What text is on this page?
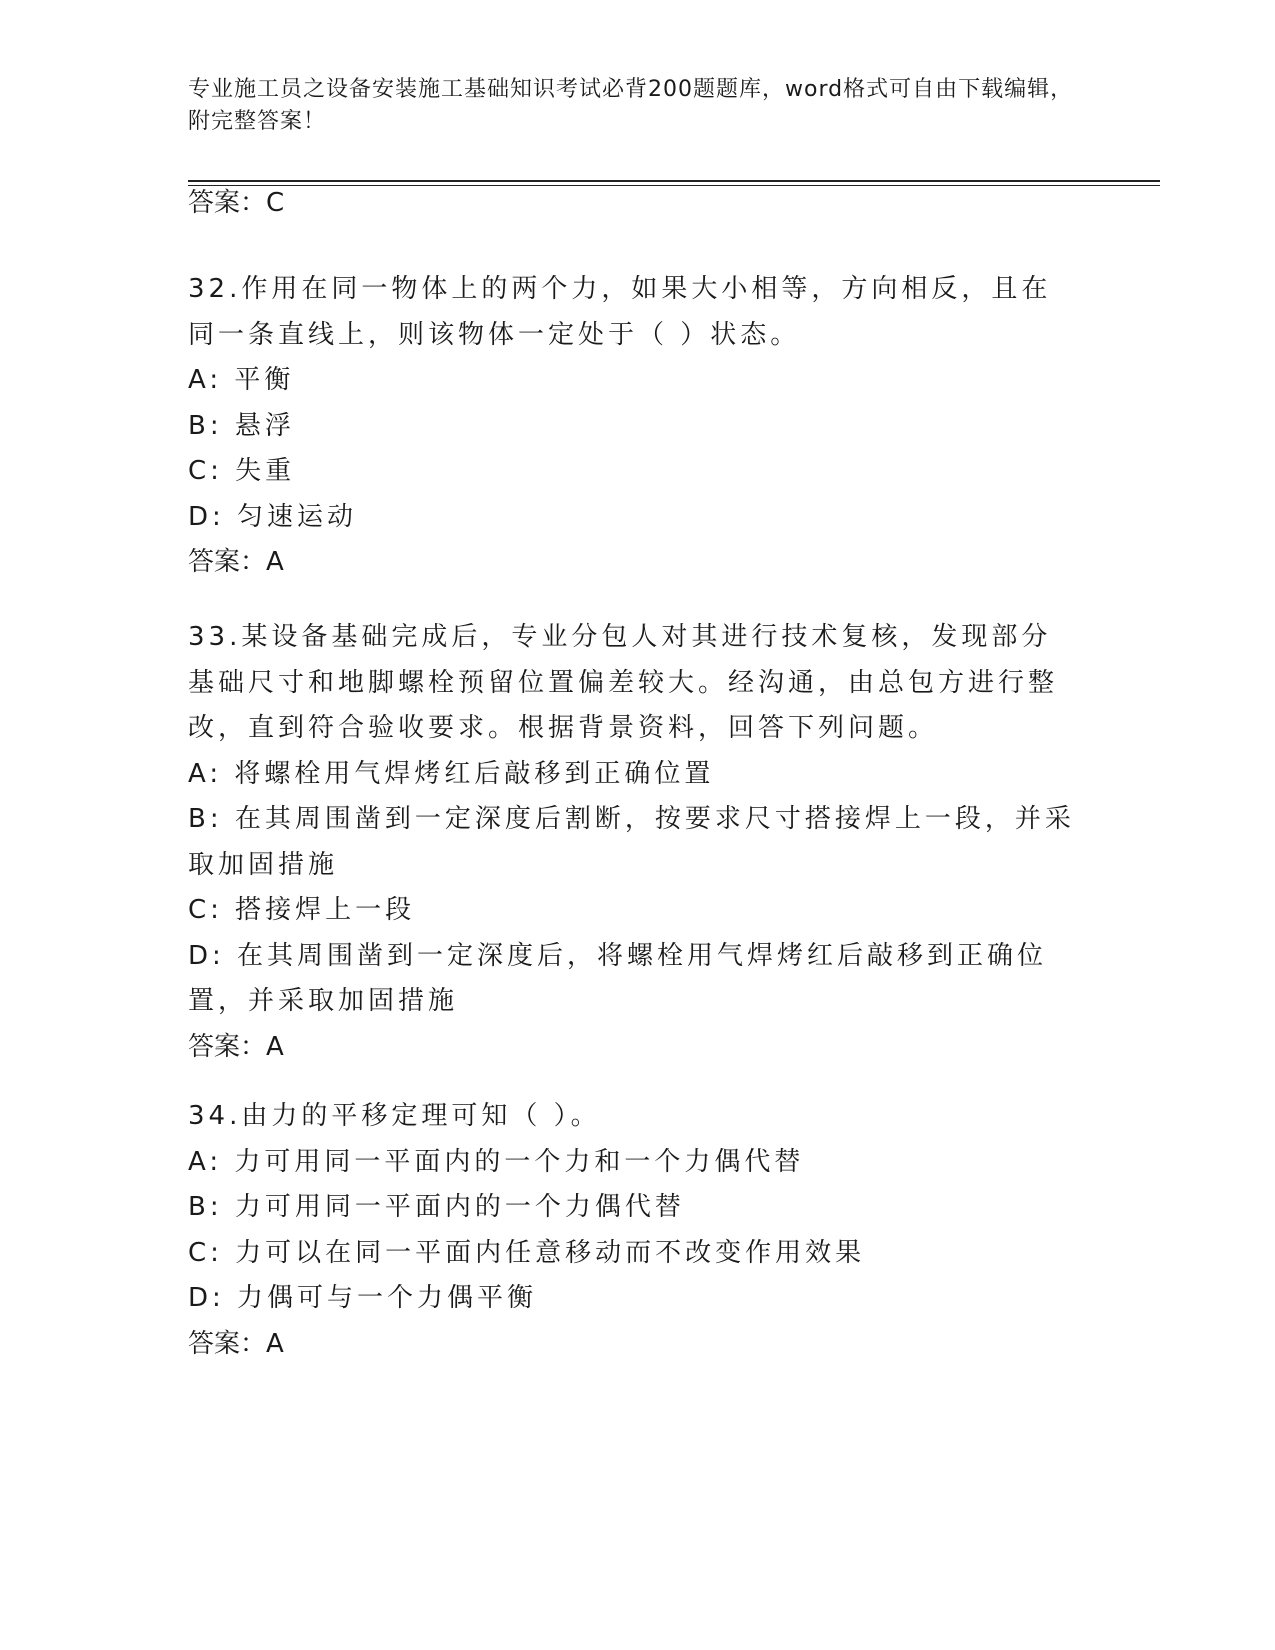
专业施工员之设备安装施工基础知识考试必背200题题库，word格式可自由下载编辑，附完整答案！
答案：C

32.作用在同一物体上的两个力，如果大小相等，方向相反，且在同一条直线上，则该物体一定处于（ ）状态。

A: 平衡

B: 悬浮

C: 失重

D: 匀速运动

答案：A

33.某设备基础完成后，专业分包人对其进行技术复核，发现部分基础尺寸和地脚螺栓预留位置偏差较大。经沟通，由总包方进行整改，直到符合验收要求。根据背景资料，回答下列问题。

A: 将螺栓用气焊烤红后敲移到正确位置

B: 在其周围凿到一定深度后割断，按要求尺寸搭接焊上一段，并采取加固措施

C: 搭接焊上一段

D: 在其周围凿到一定深度后，将螺栓用气焊烤红后敲移到正确位置，并采取加固措施

答案：A

34.由力的平移定理可知（ ）。

A: 力可用同一平面内的一个力和一个力偶代替

B: 力可用同一平面内的一个力偶代替

C: 力可以在同一平面内任意移动而不改变作用效果

D: 力偶可与一个力偶平衡

答案：A
